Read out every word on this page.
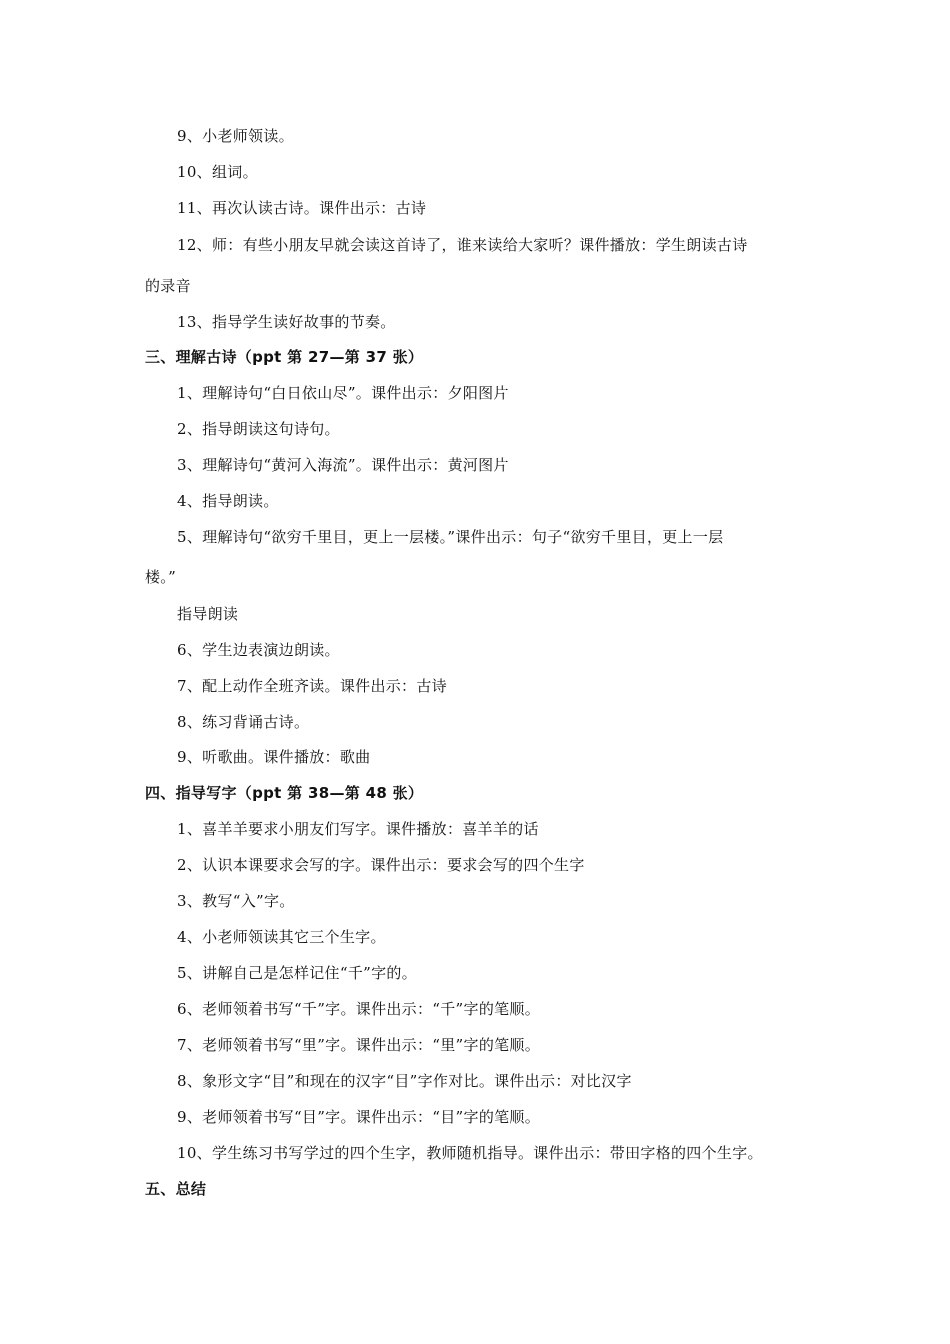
9、小老师领读。
10、组词。
11、再次认读古诗。课件出示：古诗
12、师：有些小朋友早就会读这首诗了，谁来读给大家听？课件播放：学生朗读古诗
的录音
13、指导学生读好故事的节奏。
三、理解古诗（ppt 第 27—第 37 张）
1、理解诗句“白日依山尽”。课件出示：夕阳图片
2、指导朗读这句诗句。
3、理解诗句“黄河入海流”。课件出示：黄河图片
4、指导朗读。
5、理解诗句“欲穷千里目，更上一层楼。”课件出示：句子“欲穷千里目，更上一层
楼。”
指导朗读
6、学生边表演边朗读。
7、配上动作全班齐读。课件出示：古诗
8、练习背诵古诗。
9、听歌曲。课件播放：歌曲
四、指导写字（ppt 第 38—第 48 张）
1、喜羊羊要求小朋友们写字。课件播放：喜羊羊的话
2、认识本课要求会写的字。课件出示：要求会写的四个生字
3、教写“入”字。
4、小老师领读其它三个生字。
5、讲解自己是怎样记住“千”字的。
6、老师领着书写“千”字。课件出示：“千”字的笔顺。
7、老师领着书写“里”字。课件出示：“里”字的笔顺。
8、象形文字“目”和现在的汉字“目”字作对比。课件出示：对比汉字
9、老师领着书写“目”字。课件出示：“目”字的笔顺。
10、学生练习书写学过的四个生字，教师随机指导。课件出示：带田字格的四个生字。
五、总结
